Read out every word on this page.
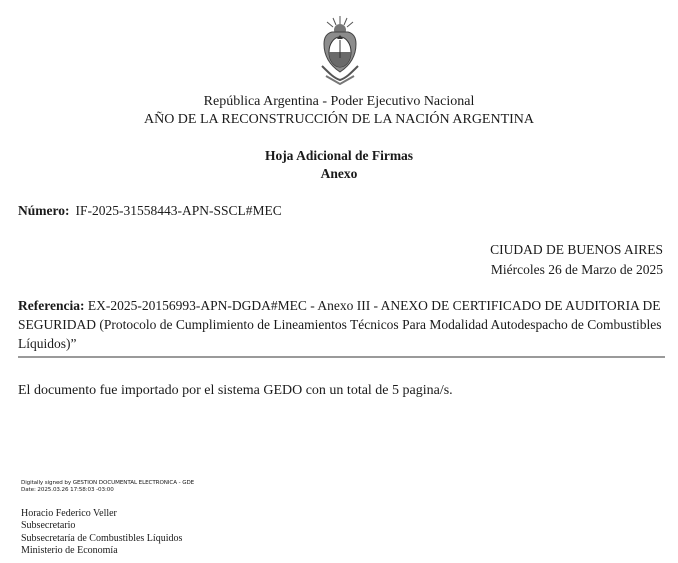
República Argentina - Poder Ejecutivo Nacional
AÑO DE LA RECONSTRUCCIÓN DE LA NACIÓN ARGENTINA
Hoja Adicional de Firmas
Anexo
Número: IF-2025-31558443-APN-SSCL#MEC
CIUDAD DE BUENOS AIRES
Miércoles 26 de Marzo de 2025
Referencia: EX-2025-20156993-APN-DGDA#MEC - Anexo III - ANEXO DE CERTIFICADO DE AUDITORIA DE SEGURIDAD (Protocolo de Cumplimiento de Lineamientos Técnicos Para Modalidad Autodespacho de Combustibles Líquidos)”
El documento fue importado por el sistema GEDO con un total de 5 pagina/s.
Digitally signed by GESTION DOCUMENTAL ELECTRONICA - GDE
Date: 2025.03.26 17:58:03 -03:00
Horacio Federico Veller
Subsecretario
Subsecretaría de Combustibles Líquidos
Ministerio de Economía
